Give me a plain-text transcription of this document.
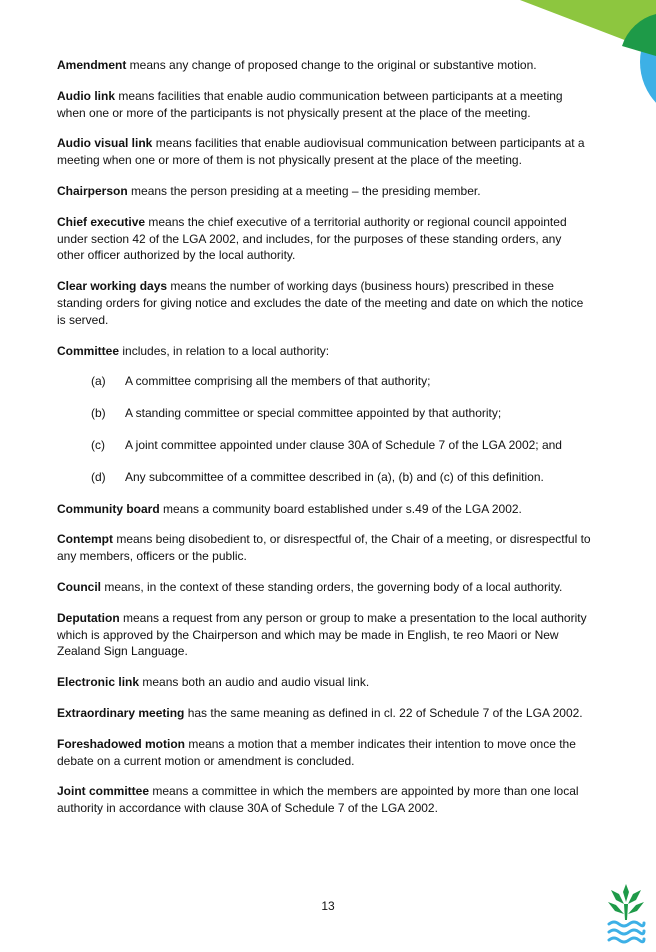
Amendment means any change of proposed change to the original or substantive motion.

Audio link means facilities that enable audio communication between participants at a meeting when one or more of the participants is not physically present at the place of the meeting.

Audio visual link means facilities that enable audiovisual communication between participants at a meeting when one or more of them is not physically present at the place of the meeting.

Chairperson means the person presiding at a meeting – the presiding member.

Chief executive means the chief executive of a territorial authority or regional council appointed under section 42 of the LGA 2002, and includes, for the purposes of these standing orders, any other officer authorized by the local authority.

Clear working days means the number of working days (business hours) prescribed in these standing orders for giving notice and excludes the date of the meeting and date on which the notice is served.

Committee includes, in relation to a local authority:

(a)	A committee comprising all the members of that authority;
(b)	A standing committee or special committee appointed by that authority;
(c)	A joint committee appointed under clause 30A of Schedule 7 of the LGA 2002; and
(d)	Any subcommittee of a committee described in (a), (b) and (c) of this definition.

Community board means a community board established under s.49 of the LGA 2002.

Contempt means being disobedient to, or disrespectful of, the Chair of a meeting, or disrespectful to any members, officers or the public.

Council means, in the context of these standing orders, the governing body of a local authority.

Deputation means a request from any person or group to make a presentation to the local authority which is approved by the Chairperson and which may be made in English, te reo Maori or New Zealand Sign Language.

Electronic link means both an audio and audio visual link.

Extraordinary meeting has the same meaning as defined in cl. 22 of Schedule 7 of the LGA 2002.

Foreshadowed motion means a motion that a member indicates their intention to move once the debate on a current motion or amendment is concluded.

Joint committee means a committee in which the members are appointed by more than one local authority in accordance with clause 30A of Schedule 7 of the LGA 2002.

13
